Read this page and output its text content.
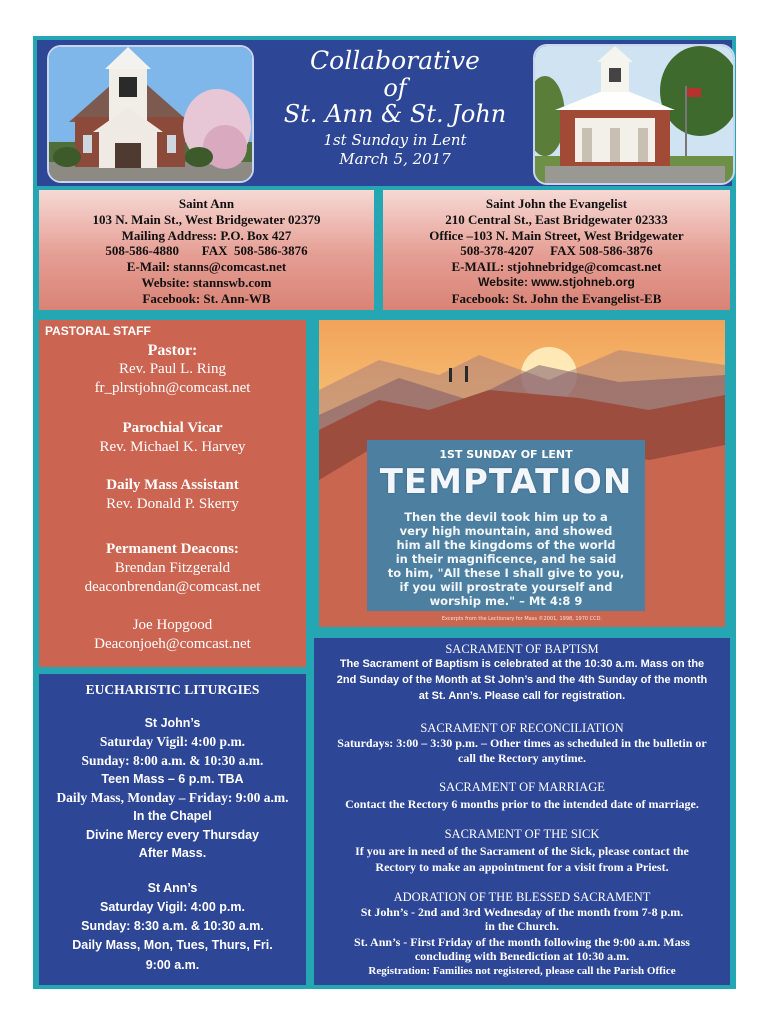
Collaborative
of
St. Ann & St. John
1st Sunday in Lent
March 5, 2017
Saint Ann
103 N. Main St., West Bridgewater 02379
Mailing Address: P.O. Box 427
508-586-4880       FAX  508-586-3876
E-Mail: stanns@comcast.net
Website: stannswb.com
Facebook: St. Ann-WB
Saint John the Evangelist
210 Central St., East Bridgewater 02333
Office –103 N. Main Street, West Bridgewater
508-378-4207     FAX 508-586-3876
E-MAIL: stjohnebridge@comcast.net
Website: www.stjohneb.org
Facebook: St. John the Evangelist-EB
PASTORAL STAFF
Pastor:
Rev. Paul L. Ring
fr_plrstjohn@comcast.net
Parochial Vicar
Rev. Michael K. Harvey
Daily Mass Assistant
Rev. Donald P. Skerry
Permanent Deacons:
Brendan Fitzgerald
deaconbrendan@comcast.net
Joe Hopgood
Deaconjoeh@comcast.net
1ST SUNDAY OF LENT
TEMPTATION
Then the devil took him up to a
very high mountain, and showed
him all the kingdoms of the world
in their magnificence, and he said
to him, "All these I shall give to you,
if you will prostrate yourself and
worship me." – Mt 4:8 9
Excerpts from the Lectionary for Mass ©2001, 1998, 1970 CCD.
EUCHARISTIC LITURGIES
St John’s
Saturday Vigil: 4:00 p.m.
Sunday: 8:00 a.m. & 10:30 a.m.
Teen Mass – 6 p.m. TBA
Daily Mass, Monday – Friday: 9:00 a.m.
In the Chapel
Divine Mercy every Thursday
After Mass.
St Ann’s
Saturday Vigil: 4:00 p.m.
Sunday: 8:30 a.m. & 10:30 a.m.
Daily Mass, Mon, Tues, Thurs, Fri.
9:00 a.m.
SACRAMENT OF BAPTISM
The Sacrament of Baptism is celebrated at the 10:30 a.m. Mass on the
2nd Sunday of the Month at St John’s and the 4th Sunday of the month
at St. Ann’s. Please call for registration.
SACRAMENT OF RECONCILIATION
Saturdays: 3:00 – 3:30 p.m. – Other times as scheduled in the bulletin or
call the Rectory anytime.
SACRAMENT OF MARRIAGE
Contact the Rectory 6 months prior to the intended date of marriage.
SACRAMENT OF THE SICK
If you are in need of the Sacrament of the Sick, please contact the
Rectory to make an appointment for a visit from a Priest.
ADORATION OF THE BLESSED SACRAMENT
St John’s - 2nd and 3rd Wednesday of the month from 7-8 p.m.
in the Church.
St. Ann’s - First Friday of the month following the 9:00 a.m. Mass
concluding with Benediction at 10:30 a.m.
Registration: Families not registered, please call the Parish Office
